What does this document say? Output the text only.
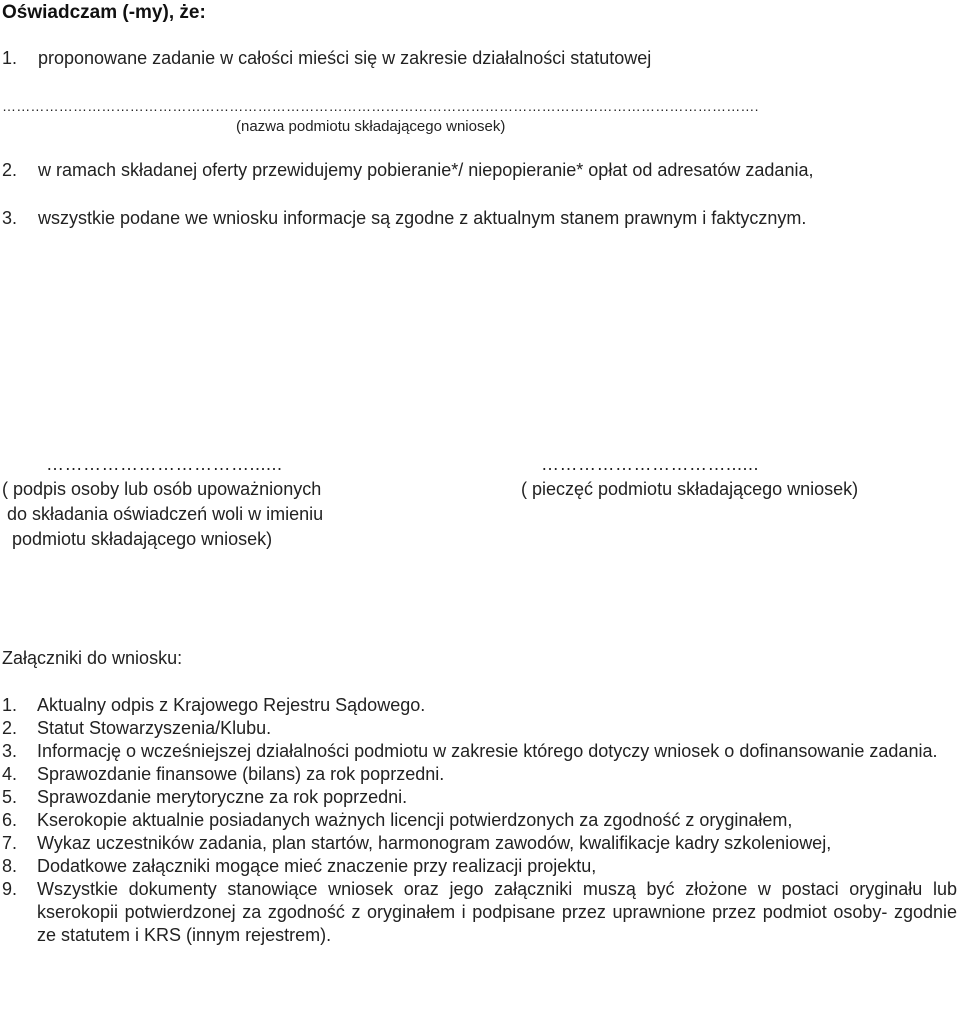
Oświadczam (-my), że:
1. proponowane zadanie w całości mieści się w zakresie działalności statutowej
…………………………………………………………………………………………………………………………………………….
(nazwa podmiotu składającego wniosek)
2. w ramach składanej oferty przewidujemy pobieranie*/ niepopieranie* opłat od adresatów zadania,
3. wszystkie podane we wniosku informacje są zgodne z aktualnym stanem prawnym i faktycznym.
……………………………......
( podpis osoby lub osób upoważnionych
do składania oświadczeń woli w imieniu
podmiotu składającego wniosek)
…………………………......
( pieczęć podmiotu składającego wniosek)
Załączniki do wniosku:
1. Aktualny odpis z Krajowego Rejestru Sądowego.
2. Statut Stowarzyszenia/Klubu.
3. Informację o wcześniejszej działalności podmiotu w zakresie którego dotyczy wniosek o dofinansowanie zadania.
4. Sprawozdanie finansowe (bilans) za rok poprzedni.
5. Sprawozdanie merytoryczne za rok poprzedni.
6. Kserokopie aktualnie posiadanych ważnych licencji potwierdzonych za zgodność z oryginałem,
7. Wykaz uczestników zadania, plan startów, harmonogram zawodów, kwalifikacje kadry szkoleniowej,
8. Dodatkowe załączniki mogące mieć znaczenie przy realizacji projektu,
9. Wszystkie dokumenty stanowiące wniosek oraz jego załączniki muszą być złożone w postaci oryginału lub kserokopii potwierdzonej za zgodność z oryginałem i podpisane przez uprawnione przez podmiot osoby- zgodnie ze statutem i KRS (innym rejestrem).
